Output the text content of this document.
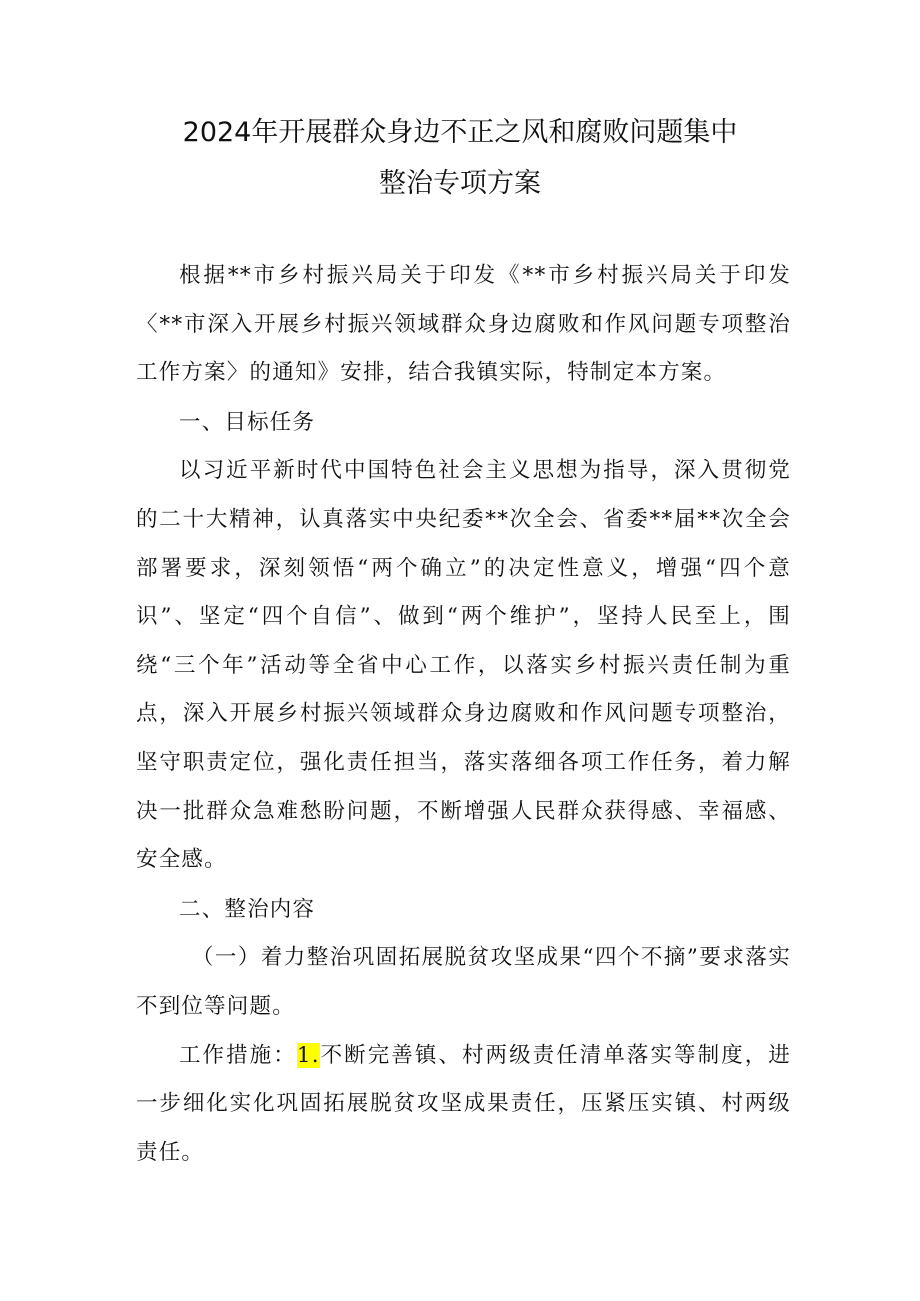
2024年开展群众身边不正之风和腐败问题集中
整治专项方案

根据**市乡村振兴局关于印发《**市乡村振兴局关于印发〈**市深入开展乡村振兴领域群众身边腐败和作风问题专项整治工作方案〉的通知》安排，结合我镇实际，特制定本方案。

一、目标任务

以习近平新时代中国特色社会主义思想为指导，深入贯彻党的二十大精神，认真落实中央纪委**次全会、省委**届**次全会部署要求，深刻领悟“两个确立”的决定性意义，增强“四个意识”、坚定“四个自信”、做到“两个维护”，坚持人民至上，围绕“三个年”活动等全省中心工作，以落实乡村振兴责任制为重点，深入开展乡村振兴领域群众身边腐败和作风问题专项整治，坚守职责定位，强化责任担当，落实落细各项工作任务，着力解决一批群众急难愁盼问题，不断增强人民群众获得感、幸福感、安全感。

二、整治内容

（一）着力整治巩固拓展脱贫攻坚成果“四个不摘”要求落实不到位等问题。

工作措施：1.不断完善镇、村两级责任清单落实等制度，进一步细化实化巩固拓展脱贫攻坚成果责任，压紧压实镇、村两级责任。
